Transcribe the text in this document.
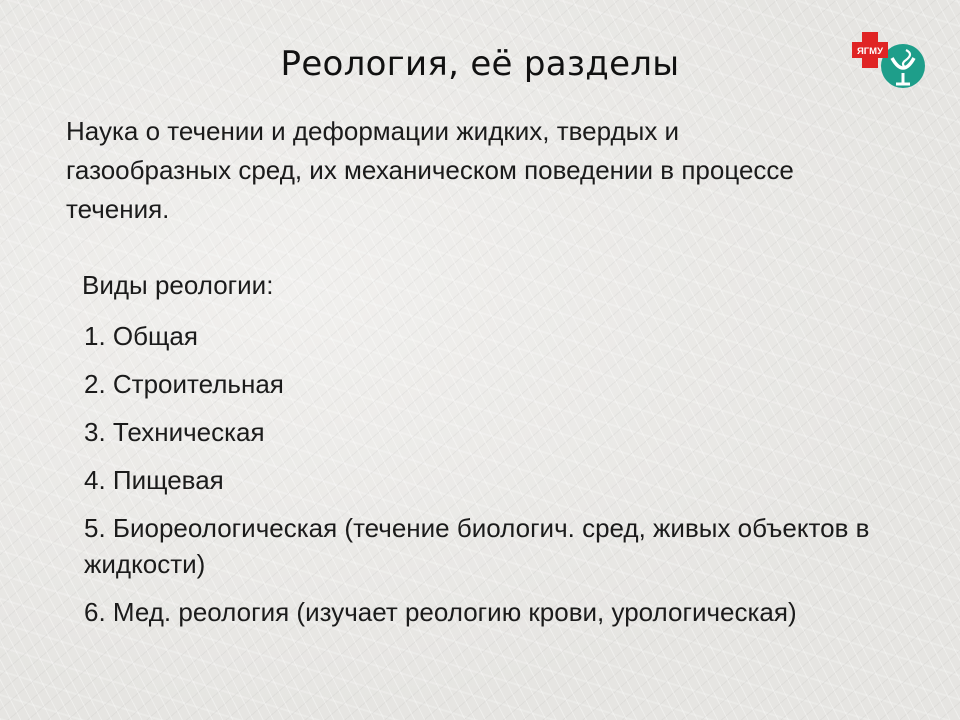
Реология, её разделы	ЯГМУ
Наука о течении и деформации жидких, твердых и газообразных сред, их механическом поведении в процессе течения.
Виды реологии:
1. Общая
2. Строительная
3. Техническая
4. Пищевая
5. Биореологическая (течение биологич. сред, живых объектов в жидкости)
6. Мед. реология (изучает реологию крови, урологическая)
